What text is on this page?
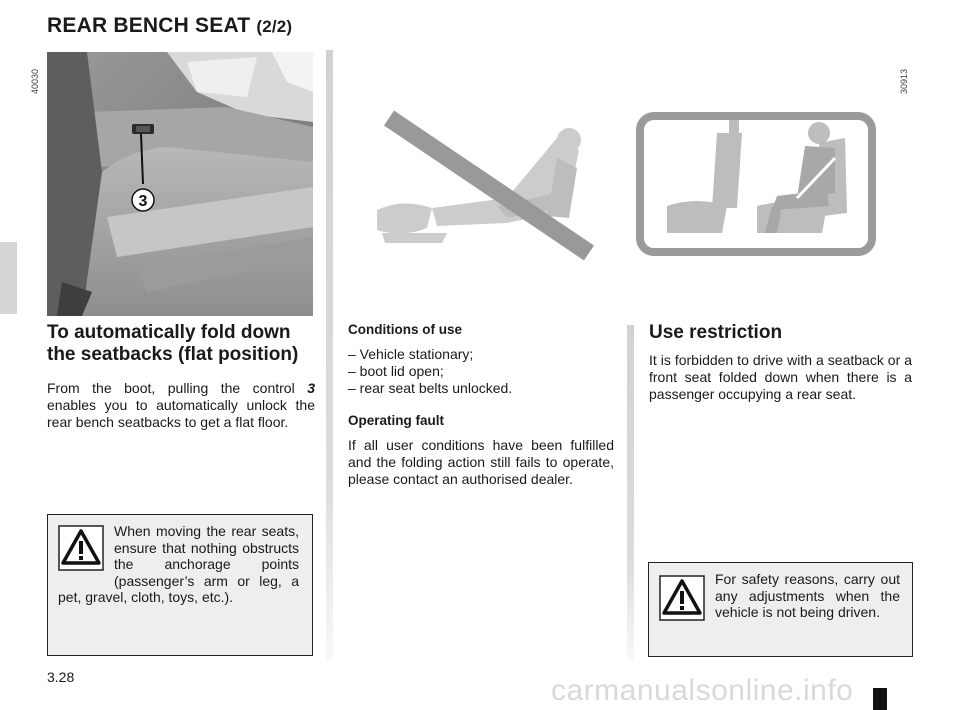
REAR BENCH SEAT (2/2)
40030	30913
3
To automatically fold down the seatbacks (flat position)

From the boot, pulling the control 3 enables you to automatically unlock the rear bench seatbacks to get a flat floor.

When moving the rear seats, ensure that nothing obstructs the anchorage points (passenger’s arm or leg, a pet, gravel, cloth, toys, etc.).

Conditions of use

– Vehicle stationary;
– boot lid open;
– rear seat belts unlocked.

Operating fault

If all user conditions have been fulfilled and the folding action still fails to operate, please contact an authorised dealer.

Use restriction

It is forbidden to drive with a seatback or a front seat folded down when there is a passenger occupying a rear seat.

For safety reasons, carry out any adjustments when the vehicle is not being driven.

3.28	carmanualsonline.info
